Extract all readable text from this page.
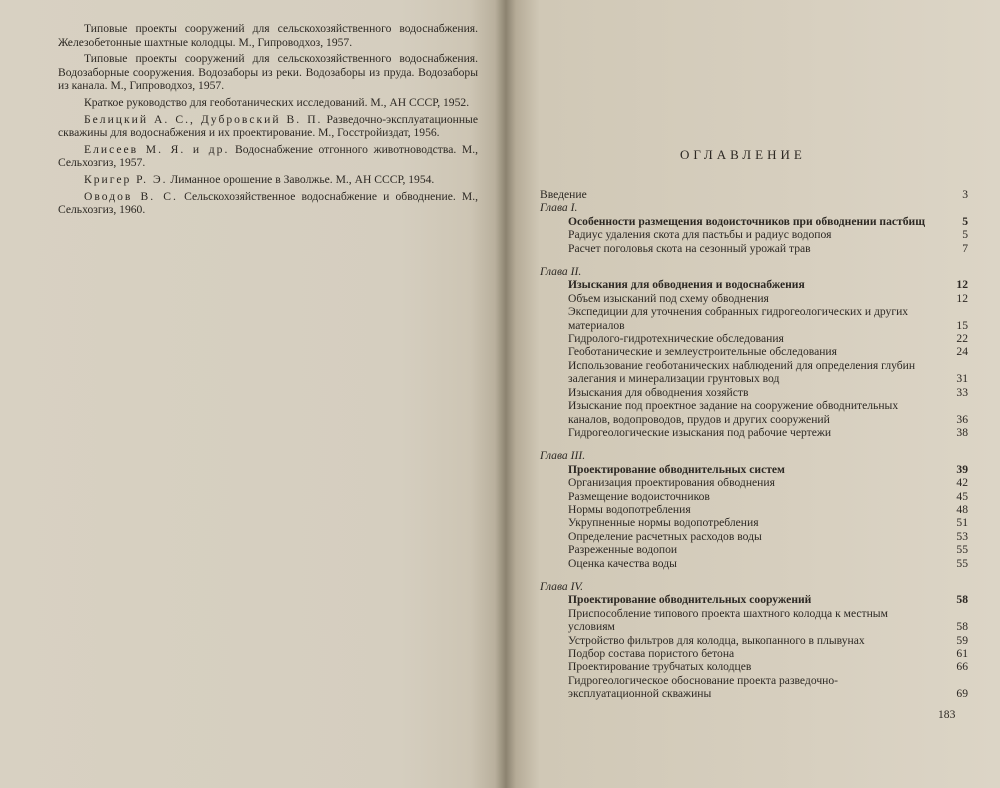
Типовые проекты сооружений для сельскохозяйственного водоснабжения. Железобетонные шахтные колодцы. М., Гипроводхоз, 1957.

Типовые проекты сооружений для сельскохозяйственного водоснабжения. Водозаборные сооружения. Водозаборы из реки. Водозаборы из пруда. Водозаборы из канала. М., Гипроводхоз, 1957.

Краткое руководство для геоботанических исследований. М., АН СССР, 1952.

Белицкий А. С., Дубровский В. П. Разведочно-эксплуатационные скважины для водоснабжения и их проектирование. М., Госстройиздат, 1956.

Елисеев М. Я. и др. Водоснабжение отгонного животноводства. М., Сельхозгиз, 1957.

Кригер Р. Э. Лиманное орошение в Заволжье. М., АН СССР, 1954.

Оводов В. С. Сельскохозяйственное водоснабжение и обводнение. М., Сельхозгиз, 1960.

ОГЛАВЛЕНИЕ
Введение	3
Глава I.
Особенности размещения водоисточников при обводнении пастбищ	5
Радиус удаления скота для пастьбы и радиус водопоя	5
Расчет поголовья скота на сезонный урожай трав	7
Глава II.
Изыскания для обводнения и водоснабжения	12
Объем изысканий под схему обводнения	12
Экспедиции для уточнения собранных гидрогеологических и других материалов	15
Гидролого-гидротехнические обследования	22
Геоботанические и землеустроительные обследования	24
Использование геоботанических наблюдений для определения глубин залегания и минерализации грунтовых вод	31
Изыскания для обводнения хозяйств	33
Изыскание под проектное задание на сооружение обводнительных каналов, водопроводов, прудов и других сооружений	36
Гидрогеологические изыскания под рабочие чертежи	38
Глава III.
Проектирование обводнительных систем	39
Организация проектирования обводнения	42
Размещение водоисточников	45
Нормы водопотребления	48
Укрупненные нормы водопотребления	51
Определение расчетных расходов воды	53
Разреженные водопои	55
Оценка качества воды	55
Глава IV.
Проектирование обводнительных сооружений	58
Приспособление типового проекта шахтного колодца к местным условиям	58
Устройство фильтров для колодца, выкопанного в плывунах	59
Подбор состава пористого бетона	61
Проектирование трубчатых колодцев	66
Гидрогеологическое обоснование проекта разведочно-эксплуатационной скважины	69
183
